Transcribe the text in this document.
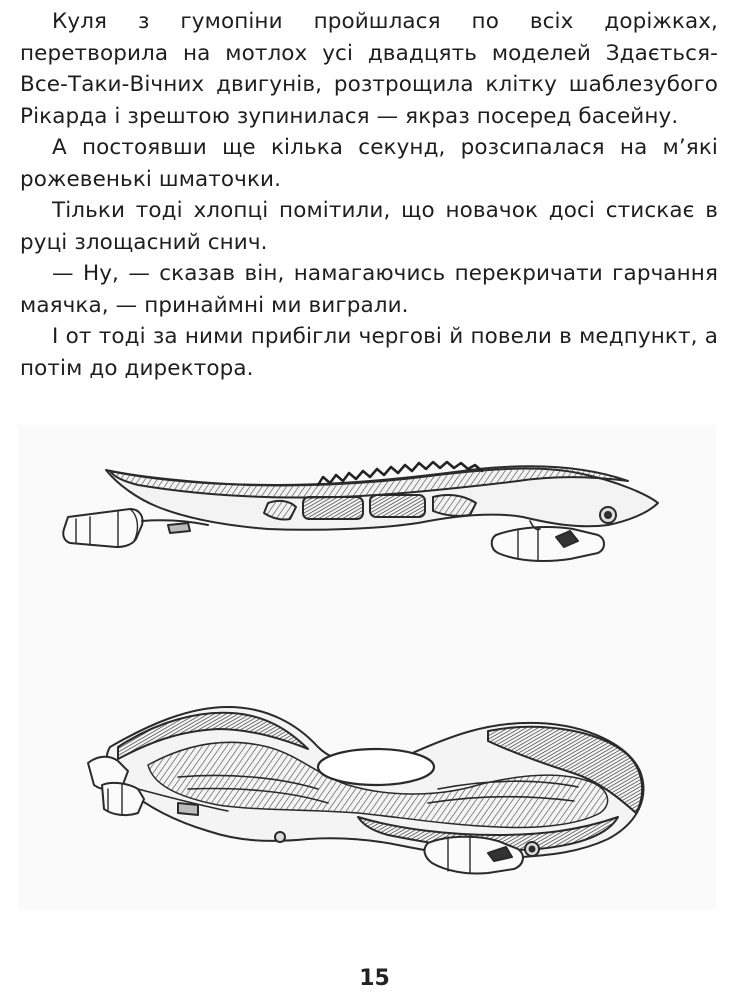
Куля з гумопіни пройшлася по всіх доріжках, перетворила на мотлох усі двадцять моделей Здається-Все-Таки-Вічних двигунів, розтрощила клітку шаблезубого Рікарда і зрештою зупинилася — якраз посеред басейну.

А постоявши ще кілька секунд, розсипалася на м’які рожевенькі шматочки.

Тільки тоді хлопці помітили, що новачок досі стискає в руці злощасний снич.

— Ну, — сказав він, намагаючись перекричати гарчання маячка, — принаймні ми виграли.

І от тоді за ними прибігли чергові й повели в медпункт, а потім до директора.

15
